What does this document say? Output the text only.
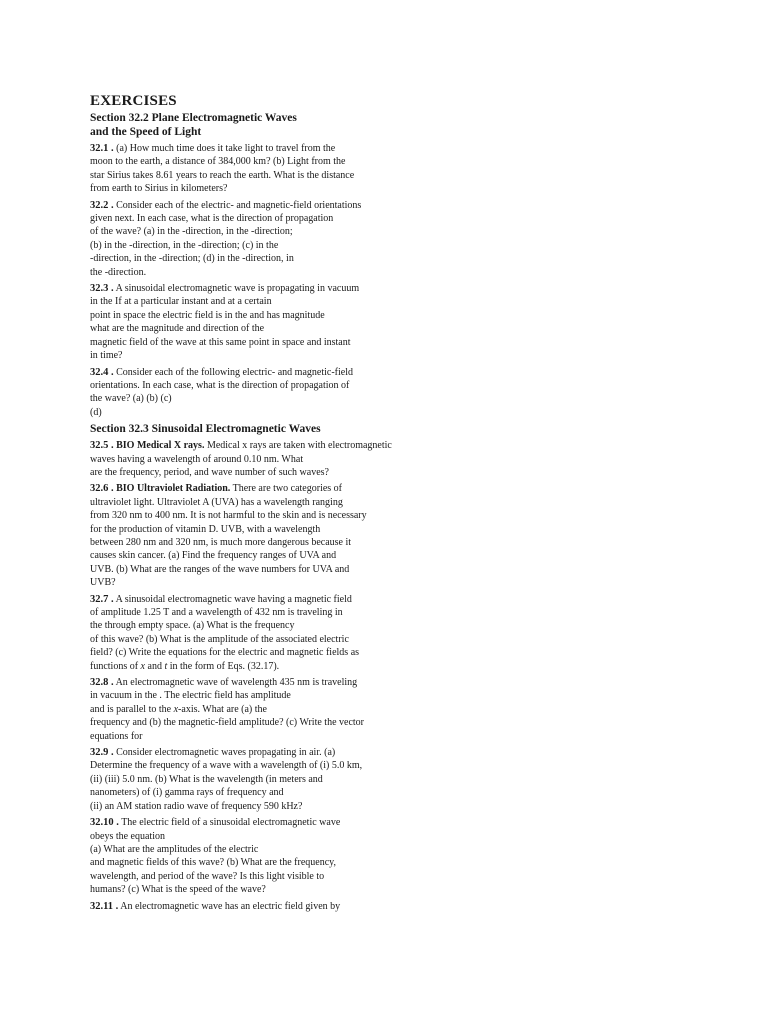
EXERCISES
Section 32.2 Plane Electromagnetic Waves
and the Speed of Light
32.1 . (a) How much time does it take light to travel from the
moon to the earth, a distance of 384,000 km? (b) Light from the
star Sirius takes 8.61 years to reach the earth. What is the distance
from earth to Sirius in kilometers?
32.2 . Consider each of the electric- and magnetic-field orientations
given next. In each case, what is the direction of propagation
of the wave? (a) in the -direction, in the -direction;
(b) in the -direction, in the -direction; (c) in the
-direction, in the -direction; (d) in the -direction, in
the -direction.
32.3 . A sinusoidal electromagnetic wave is propagating in vacuum
in the If at a particular instant and at a certain
point in space the electric field is in the and has magnitude
what are the magnitude and direction of the
magnetic field of the wave at this same point in space and instant
in time?
32.4 . Consider each of the following electric- and magnetic-field
orientations. In each case, what is the direction of propagation of
the wave? (a) (b) (c)
(d)
Section 32.3 Sinusoidal Electromagnetic Waves
32.5 . BIO Medical X rays. Medical x rays are taken with electromagnetic
waves having a wavelength of around 0.10 nm. What
are the frequency, period, and wave number of such waves?
32.6 . BIO Ultraviolet Radiation. There are two categories of
ultraviolet light. Ultraviolet A (UVA) has a wavelength ranging
from 320 nm to 400 nm. It is not harmful to the skin and is necessary
for the production of vitamin D. UVB, with a wavelength
between 280 nm and 320 nm, is much more dangerous because it
causes skin cancer. (a) Find the frequency ranges of UVA and
UVB. (b) What are the ranges of the wave numbers for UVA and
UVB?
32.7 . A sinusoidal electromagnetic wave having a magnetic field
of amplitude 1.25 T and a wavelength of 432 nm is traveling in
the through empty space. (a) What is the frequency
of this wave? (b) What is the amplitude of the associated electric
field? (c) Write the equations for the electric and magnetic fields as
functions of x and t in the form of Eqs. (32.17).
32.8 . An electromagnetic wave of wavelength 435 nm is traveling
in vacuum in the . The electric field has amplitude
and is parallel to the x-axis. What are (a) the
frequency and (b) the magnetic-field amplitude? (c) Write the vector
equations for
32.9 . Consider electromagnetic waves propagating in air. (a)
Determine the frequency of a wave with a wavelength of (i) 5.0 km,
(ii) (iii) 5.0 nm. (b) What is the wavelength (in meters and
nanometers) of (i) gamma rays of frequency and
(ii) an AM station radio wave of frequency 590 kHz?
32.10 . The electric field of a sinusoidal electromagnetic wave
obeys the equation
(a) What are the amplitudes of the electric
and magnetic fields of this wave? (b) What are the frequency,
wavelength, and period of the wave? Is this light visible to
humans? (c) What is the speed of the wave?
32.11 . An electromagnetic wave has an electric field given by
